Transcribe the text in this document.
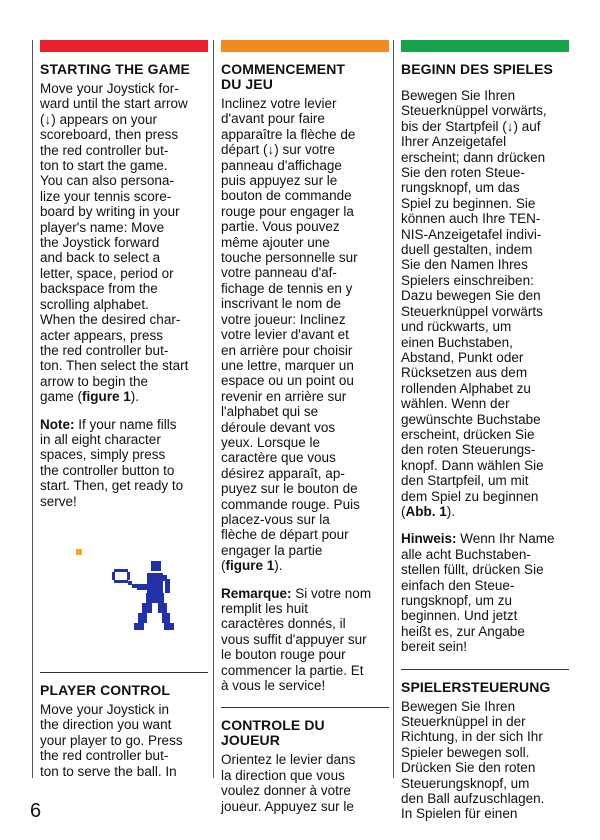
STARTING THE GAME

Move your Joystick for-
ward until the start arrow
(↓) appears on your
scoreboard, then press
the red controller but-
ton to start the game.
You can also persona-
lize your tennis score-
board by writing in your
player's name: Move
the Joystick forward
and back to select a
letter, space, period or
backspace from the
scrolling alphabet.
When the desired char-
acter appears, press
the red controller but-
ton. Then select the start
arrow to begin the
game (figure 1).

Note: If your name fills
in all eight character
spaces, simply press
the controller button to
start. Then, get ready to
serve!

PLAYER CONTROL

Move your Joystick in
the direction you want
your player to go. Press
the red controller but-
ton to serve the ball. In

COMMENCEMENT
DU JEU

Inclinez votre levier
d'avant pour faire
apparaître la flèche de
départ (↓) sur votre
panneau d'affichage
puis appuyez sur le
bouton de commande
rouge pour engager la
partie. Vous pouvez
même ajouter une
touche personnelle sur
votre panneau d'af-
fichage de tennis en y
inscrivant le nom de
votre joueur: Inclinez
votre levier d'avant et
en arrière pour choisir
une lettre, marquer un
espace ou un point ou
revenir en arrière sur
l'alphabet qui se
déroule devant vos
yeux. Lorsque le
caractère que vous
désirez apparaît, ap-
puyez sur le bouton de
commande rouge. Puis
placez-vous sur la
flèche de départ pour
engager la partie
(figure 1).

Remarque: Si votre nom
remplit les huit
caractères donnés, il
vous suffit d'appuyer sur
le bouton rouge pour
commencer la partie. Et
à vous le service!

CONTROLE DU
JOUEUR

Orientez le levier dans
la direction que vous
voulez donner à votre
joueur. Appuyez sur le

BEGINN DES SPIELES

Bewegen Sie Ihren
Steuerknüppel vorwärts,
bis der Startpfeil (↓) auf
Ihrer Anzeigetafel
erscheint; dann drücken
Sie den roten Steue-
rungsknopf, um das
Spiel zu beginnen. Sie
können auch Ihre TEN-
NIS-Anzeigetafel indivi-
duell gestalten, indem
Sie den Namen Ihres
Spielers einschreiben:
Dazu bewegen Sie den
Steuerknüppel vorwärts
und rückwarts, um
einen Buchstaben,
Abstand, Punkt oder
Rücksetzen aus dem
rollenden Alphabet zu
wählen. Wenn der
gewünschte Buchstabe
erscheint, drücken Sie
den roten Steuerungs-
knopf. Dann wählen Sie
den Startpfeil, um mit
dem Spiel zu beginnen
(Abb. 1).

Hinweis: Wenn Ihr Name
alle acht Buchstaben-
stellen füllt, drücken Sie
einfach den Steue-
rungsknopf, um zu
beginnen. Und jetzt
heißt es, zur Angabe
bereit sein!

SPIELERSTEUERUNG

Bewegen Sie Ihren
Steuerknüppel in der
Richtung, in der sich Ihr
Spieler bewegen soll.
Drücken Sie den roten
Steuerungsknopf, um
den Ball aufzuschlagen.
In Spielen für einen

6
